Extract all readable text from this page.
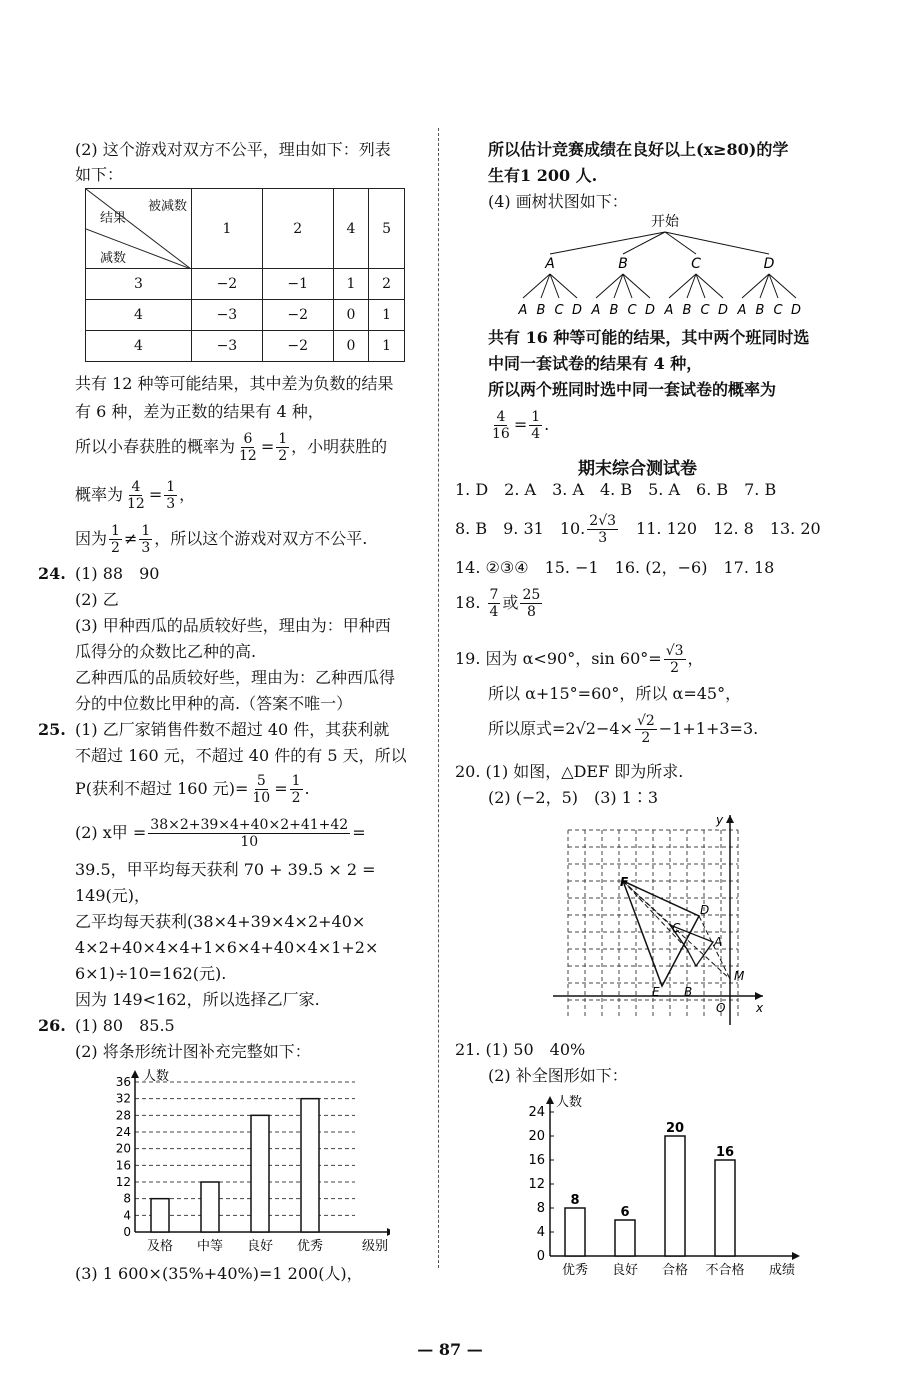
(2) 这个游戏对双方不公平，理由如下：列表
如下：
被减数
结果
减数	1	2	4	5
3	−2	−1	1	2
4	−3	−2	0	1
4	−3	−2	0	1
共有 12 种等可能结果，其中差为负数的结果
有 6 种，差为正数的结果有 4 种，
所以小春获胜的概率为 $\frac{6}{12} = \frac{1}{2}$ ，小明获胜的
概率为 $\frac{4}{12} = \frac{1}{3}$ ，
因为 $\frac{1}{2} \ne \frac{1}{3}$ ，所以这个游戏对双方不公平.
24. (1) 88　90
(2) 乙
(3) 甲种西瓜的品质较好些，理由为：甲种西
瓜得分的众数比乙种的高.
乙种西瓜的品质较好些，理由为：乙种西瓜得
分的中位数比甲种的高.（答案不唯一）
25. (1) 乙厂家销售件数不超过 40 件，其获利就
不超过 160 元，不超过 40 件的有 5 天，所以
P(获利不超过 160 元)= $\frac{5}{10} = \frac{1}{2}$ .
(2) x甲 = $\frac{38\times 2+39\times 4+40\times 2+41+42}{10}$ =
39.5，甲平均每天获利 70 + 39.5 × 2 =
149(元)，
乙平均每天获利(38×4+39×4×2+40×
4×2+40×4×4+1×6×4+40×4×1+2×
6×1)÷10=162(元).
因为 149<162，所以选择乙厂家.
26. (1) 80　85.5
(2) 将条形统计图补充完整如下：
0
4
8
12
16
20
24
28
32
36 人数
及格 中等 良好 优秀	级别
(3) 1 600×(35%+40%)=1 200(人)，
所以估计竞赛成绩在良好以上(x≥80)的学
生有1 200 人.
(4) 画树状图如下：
开始
A
A B C D
B
A B C D
C
A B C D
D
A B C D
共有 16 种等可能的结果，其中两个班同时选
中同一套试卷的结果有 4 种，
所以两个班同时选中同一套试卷的概率为
$\frac{4}{16} = \frac{1}{4}$ .
期末综合测试卷
1. D　2. A　3. A　4. B　5. A　6. B　7. B
8. B　9. 31　10. $\frac{2√3}{3}$ 　11. 120　12. 8　13. 20
14. ②③④　15. −1　16. (2，−6)　17. 18
18. $\frac{7}{4}$ 或 $\frac{25}{8}$
19. 因为 α<90°，$\sin 60^\circ= \frac{√3}{2}$ ，
所以 α+15°=60°，所以 α=45°，
所以原式$=2√2-4\times \frac{√2}{2} -1+1+3=3$.
20. (1) 如图，△DEF 即为所求.
(2) (−2，5)　(3) 1∶3
F
D
C
A
M
E B
O	x
y
21. (1) 50　40%
(2) 补全图形如下：
0
4
8
12
16
20
24
人数
8
优秀
6
良好
20
合格
16
不合格 成绩
— 87 —
